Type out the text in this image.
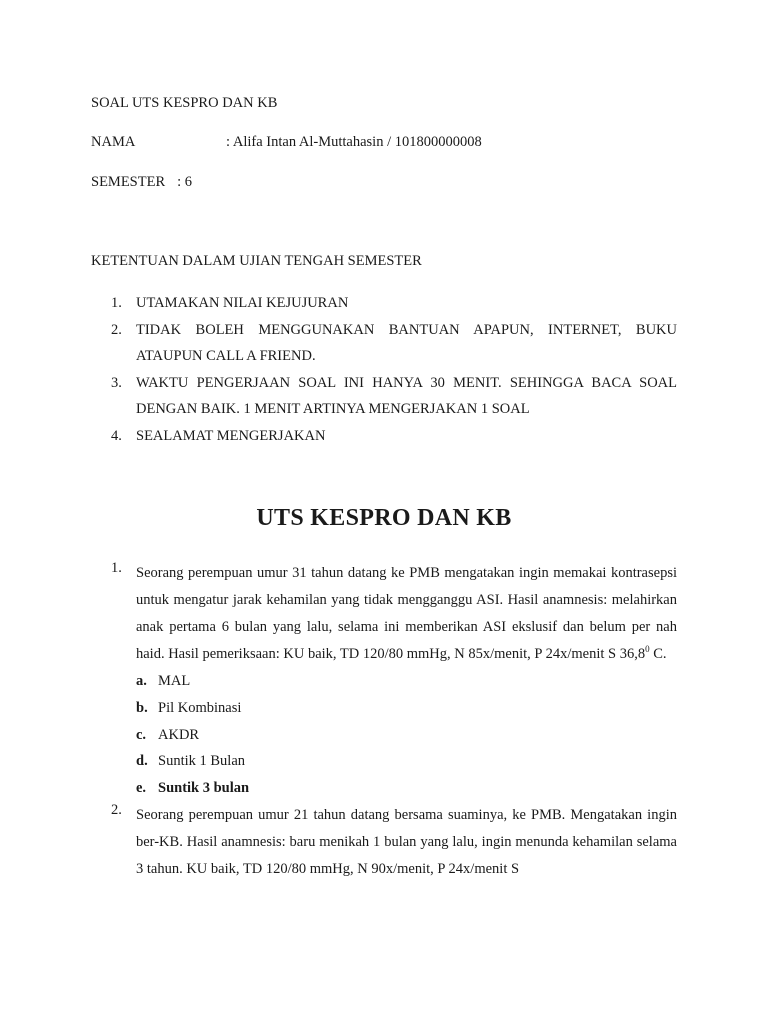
SOAL UTS KESPRO DAN KB
NAMA	: Alifa Intan Al-Muttahasin / 101800000008
SEMESTER : 6
KETENTUAN DALAM UJIAN TENGAH SEMESTER
1. UTAMAKAN NILAI KEJUJURAN
2. TIDAK BOLEH MENGGUNAKAN BANTUAN APAPUN, INTERNET, BUKU ATAUPUN CALL A FRIEND.
3. WAKTU PENGERJAAN SOAL INI HANYA 30 MENIT. SEHINGGA BACA SOAL DENGAN BAIK. 1 MENIT ARTINYA MENGERJAKAN 1 SOAL
4. SEALAMAT MENGERJAKAN
UTS KESPRO DAN KB
1. Seorang perempuan umur 31 tahun datang ke PMB mengatakan ingin memakai kontrasepsi untuk mengatur jarak kehamilan yang tidak mengganggu ASI. Hasil anamnesis: melahirkan anak pertama 6 bulan yang lalu, selama ini memberikan ASI ekslusif dan belum per nah haid. Hasil pemeriksaan: KU baik, TD 120/80 mmHg, N 85x/menit, P 24x/menit S 36,8$^0$ C.
a. MAL
b. Pil Kombinasi
c. AKDR
d. Suntik 1 Bulan
e. Suntik 3 bulan
2. Seorang perempuan umur 21 tahun datang bersama suaminya, ke PMB. Mengatakan ingin ber-KB. Hasil anamnesis: baru menikah 1 bulan yang lalu, ingin menunda kehamilan selama 3 tahun. KU baik, TD 120/80 mmHg, N 90x/menit, P 24x/menit S
